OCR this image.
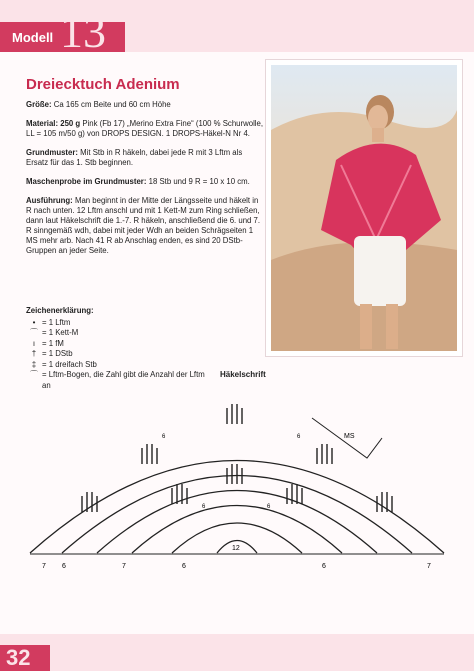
13
Modell
Dreiecktuch Adenium

Größe: Ca 165 cm Beite und 60 cm Höhe

Material: 250 g Pink (Fb 17) „Merino Extra Fine“ (100 % Schurwolle, LL = 105 m/50 g) von DROPS DESIGN. 1 DROPS-Häkel-N Nr 4.

Grundmuster: Mit Stb in R häkeln, dabei jede R mit 3 Lftm als Ersatz für das 1. Stb beginnen.

Maschenprobe im Grundmuster: 18 Stb und 9 R = 10 x 10 cm.

Ausführung: Man beginnt in der Mitte der Längsseite und häkelt in R nach unten. 12 Lftm anschl und mit 1 Kett-M zum Ring schließen, dann laut Häkelschrift die 1.-7. R häkeln, anschließend die 6. und 7. R sinngemäß wdh, dabei mit jeder Wdh an beiden Schrägseiten 1 MS mehr arb. Nach 41 R ab Anschlag enden, es sind 20 DStb-Gruppen an jeder Seite.

Zeichenerklärung:
• = 1 Lftm
⌒ = 1 Kett-M
ı = 1 fM
† = 1 DStb
‡ = 1 dreifach Stb
⌒ = Lftm-Bogen, die Zahl gibt die Anzahl der Lftm an
Häkelschrift
MS
12
6	6
6	6
6
7	6
7	6	7
32
